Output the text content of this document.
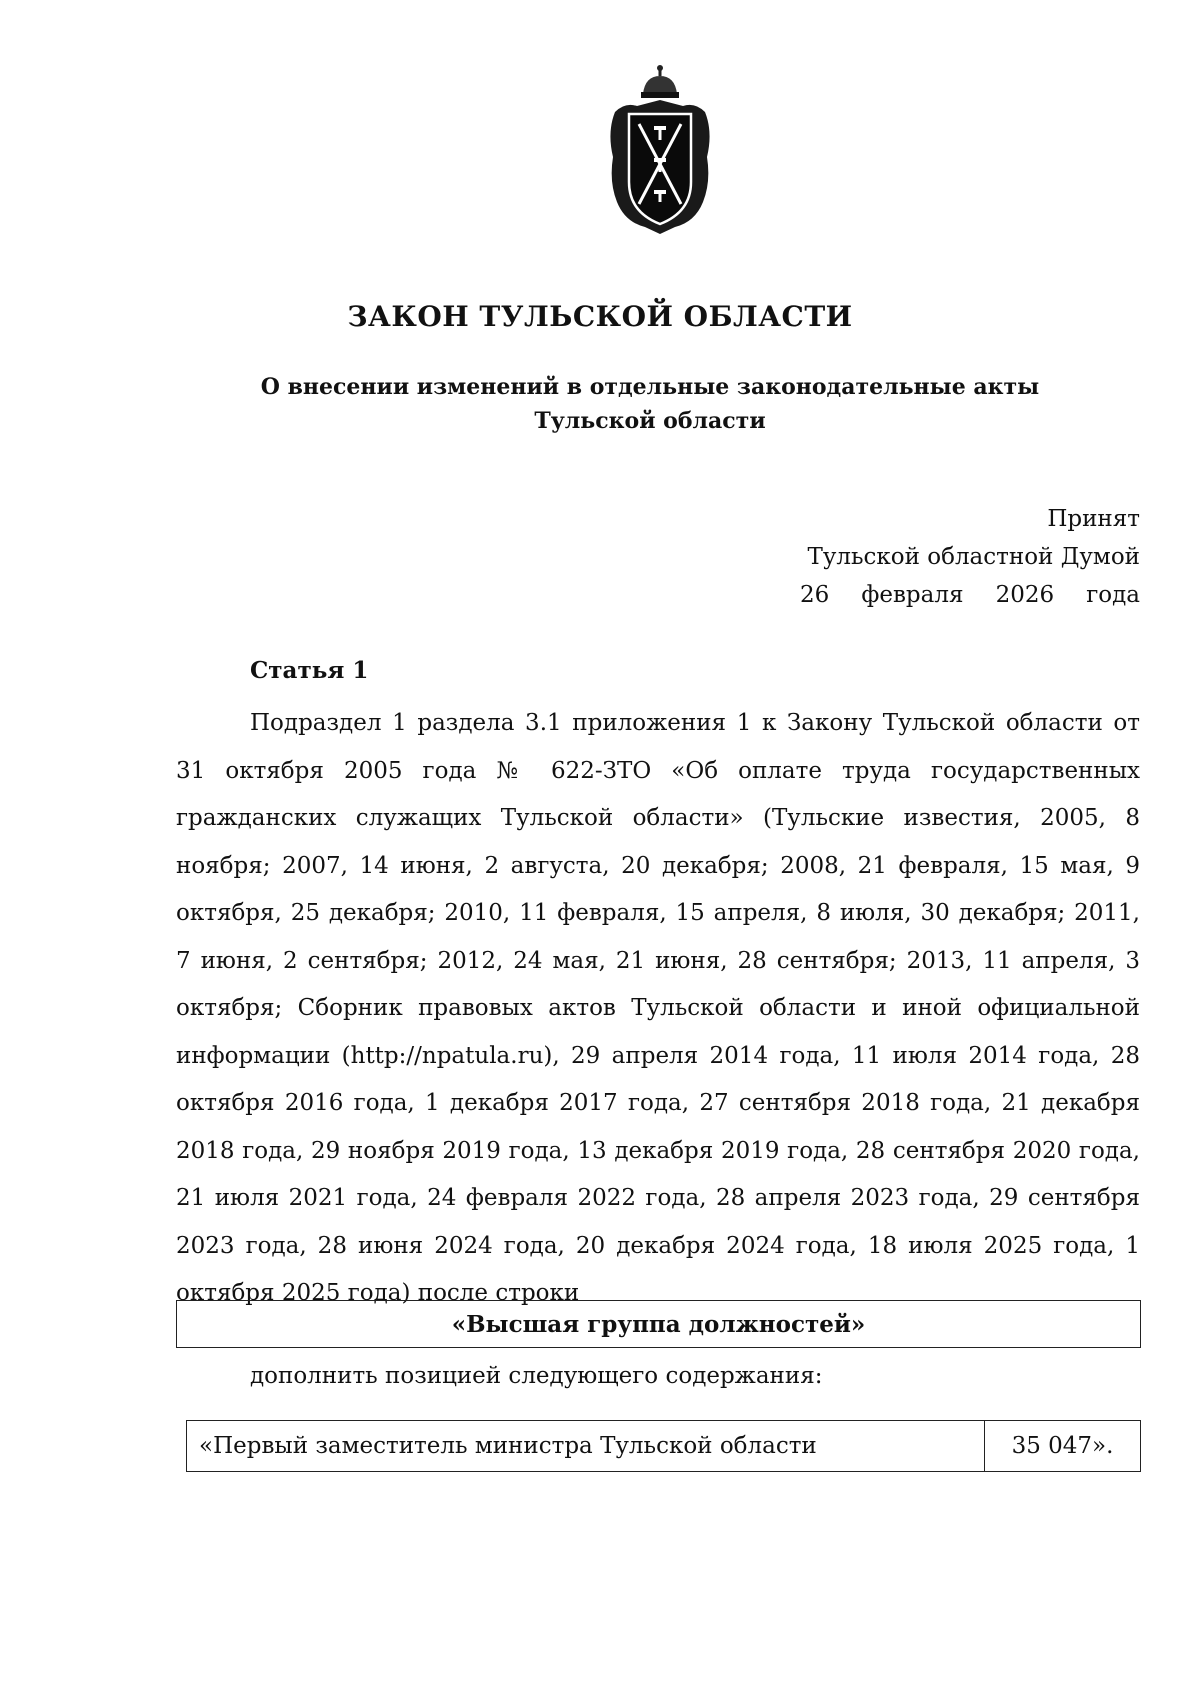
ЗАКОН ТУЛЬСКОЙ ОБЛАСТИ
О внесении изменений в отдельные законодательные акты
Тульской области
Принят
Тульской областной Думой
26 февраля 2026 года
Статья 1
Подраздел 1 раздела 3.1 приложения 1 к Закону Тульской области от 31 октября 2005 года № 622-ЗТО «Об оплате труда государственных гражданских служащих Тульской области» (Тульские известия, 2005, 8 ноября; 2007, 14 июня, 2 августа, 20 декабря; 2008, 21 февраля, 15 мая, 9 октября, 25 декабря; 2010, 11 февраля, 15 апреля, 8 июля, 30 декабря; 2011, 7 июня, 2 сентября; 2012, 24 мая, 21 июня, 28 сентября; 2013, 11 апреля, 3 октября; Сборник правовых актов Тульской области и иной официальной информации (http://npatula.ru), 29 апреля 2014 года, 11 июля 2014 года, 28 октября 2016 года, 1 декабря 2017 года, 27 сентября 2018 года, 21 декабря 2018 года, 29 ноября 2019 года, 13 декабря 2019 года, 28 сентября 2020 года, 21 июля 2021 года, 24 февраля 2022 года, 28 апреля 2023 года, 29 сентября 2023 года, 28 июня 2024 года, 20 декабря 2024 года, 18 июля 2025 года, 1 октября 2025 года) после строки
«Высшая группа должностей»
дополнить позицией следующего содержания:
«Первый заместитель министра Тульской области	35 047».
